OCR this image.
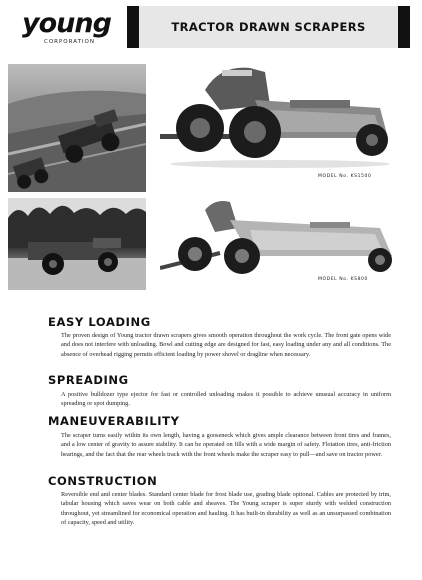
young
CORPORATION
TRACTOR DRAWN SCRAPERS
MODEL No. KS1500
MODEL No. KS800
EASY LOADING
The proven design of Young tractor drawn scrapers gives smooth operation throughout the work cycle. The front gate opens wide and does not interfere with unloading. Bowl and cutting edge are designed for fast, easy loading under any and all conditions. The absence of overhead rigging permits efficient loading by power shovel or dragline when necessary.
SPREADING
A positive bulldozer type ejector for fast or controlled unloading makes it possible to achieve unusual accuracy in uniform spreading or spot dumping.
MANEUVERABILITY
The scraper turns easily within its own length, having a gooseneck which gives ample clearance between front tires and frames, and a low center of gravity to assure stability. It can be operated on fills with a wide margin of safety. Flotation tires, anti-friction bearings, and the fact that the rear wheels track with the front wheels make the scraper easy to pull—and save on tractor power.
CONSTRUCTION
Reversible end and center blades. Standard center blade for frost blade use, grading blade optional. Cables are protected by trim, tabular housing which saves wear on both cable and sheaves. The Young scraper is super sturdy with welded construction throughout, yet streamlined for economical operation and hauling. It has built-in durability as well as an unsurpassed combination of capacity, speed and utility.
